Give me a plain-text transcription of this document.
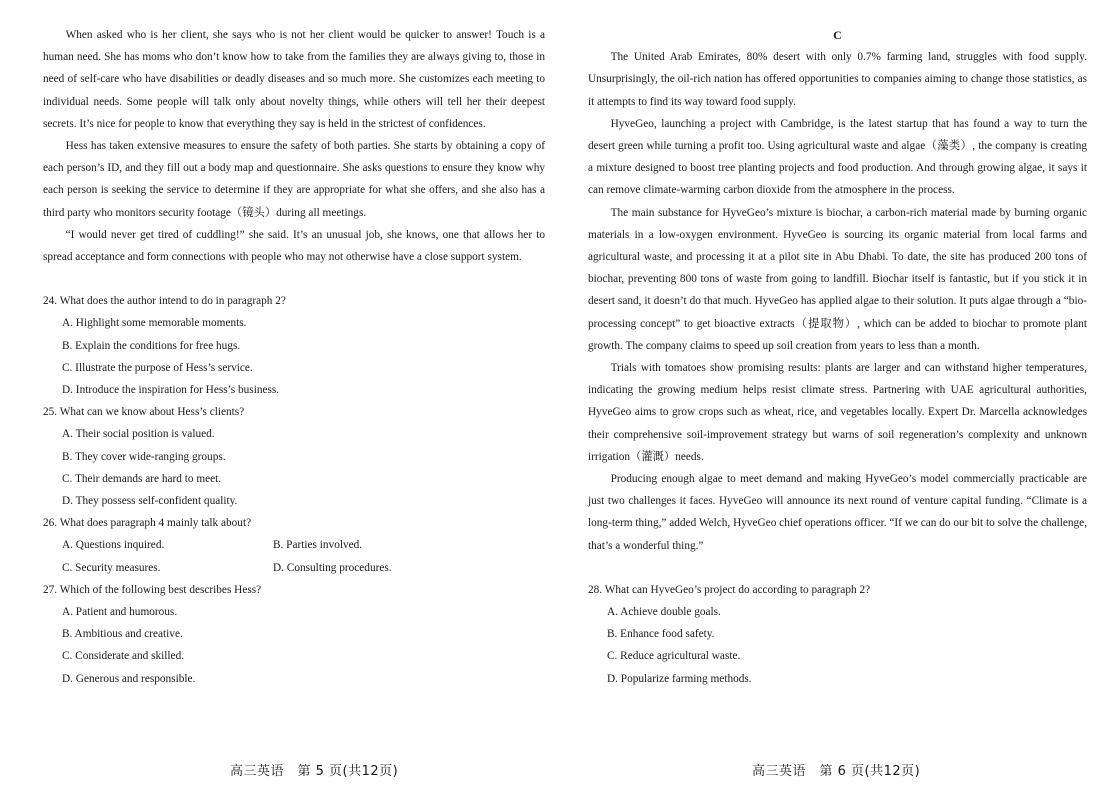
When asked who is her client, she says who is not her client would be quicker to answer! Touch is a human need. She has moms who don’t know how to take from the families they are always giving to, those in need of self-care who have disabilities or deadly diseases and so much more. She customizes each meeting to individual needs. Some people will talk only about novelty things, while others will tell her their deepest secrets. It’s nice for people to know that everything they say is held in the strictest of confidences.

Hess has taken extensive measures to ensure the safety of both parties. She starts by obtaining a copy of each person’s ID, and they fill out a body map and questionnaire. She asks questions to ensure they know why each person is seeking the service to determine if they are appropriate for what she offers, and she also has a third party who monitors security footage（镜头）during all meetings.

“I would never get tired of cuddling!” she said. It’s an unusual job, she knows, one that allows her to spread acceptance and form connections with people who may not otherwise have a close support system.

24. What does the author intend to do in paragraph 2?

A. Highlight some memorable moments.

B. Explain the conditions for free hugs.

C. Illustrate the purpose of Hess’s service.

D. Introduce the inspiration for Hess’s business.

25. What can we know about Hess’s clients?

A. Their social position is valued.

B. They cover wide-ranging groups.

C. Their demands are hard to meet.

D. They possess self-confident quality.

26. What does paragraph 4 mainly talk about?

A. Questions inquired.	B. Parties involved.

C. Security measures.	D. Consulting procedures.

27. Which of the following best describes Hess?

A. Patient and humorous.

B. Ambitious and creative.

C. Considerate and skilled.

D. Generous and responsible.

高三英语　第 5 页(共12页)

C

The United Arab Emirates, 80% desert with only 0.7% farming land, struggles with food supply. Unsurprisingly, the oil-rich nation has offered opportunities to companies aiming to change those statistics, as it attempts to find its way toward food supply.

HyveGeo, launching a project with Cambridge, is the latest startup that has found a way to turn the desert green while turning a profit too. Using agricultural waste and algae（藻类）, the company is creating a mixture designed to boost tree planting projects and food production. And through growing algae, it says it can remove climate-warming carbon dioxide from the atmosphere in the process.

The main substance for HyveGeo’s mixture is biochar, a carbon-rich material made by burning organic materials in a low-oxygen environment. HyveGeo is sourcing its organic material from local farms and agricultural waste, and processing it at a pilot site in Abu Dhabi. To date, the site has produced 200 tons of biochar, preventing 800 tons of waste from going to landfill. Biochar itself is fantastic, but if you stick it in desert sand, it doesn’t do that much. HyveGeo has applied algae to their solution. It puts algae through a “bio-processing concept” to get bioactive extracts（提取物）, which can be added to biochar to promote plant growth. The company claims to speed up soil creation from years to less than a month.

Trials with tomatoes show promising results: plants are larger and can withstand higher temperatures, indicating the growing medium helps resist climate stress. Partnering with UAE agricultural authorities, HyveGeo aims to grow crops such as wheat, rice, and vegetables locally. Expert Dr. Marcella acknowledges their comprehensive soil-improvement strategy but warns of soil regeneration’s complexity and unknown irrigation（灌溉）needs.

Producing enough algae to meet demand and making HyveGeo’s model commercially practicable are just two challenges it faces. HyveGeo will announce its next round of venture capital funding. “Climate is a long-term thing,” added Welch, HyveGeo chief operations officer. “If we can do our bit to solve the challenge, that’s a wonderful thing.”

28. What can HyveGeo’s project do according to paragraph 2?

A. Achieve double goals.

B. Enhance food safety.

C. Reduce agricultural waste.

D. Popularize farming methods.

高三英语　第 6 页(共12页)
